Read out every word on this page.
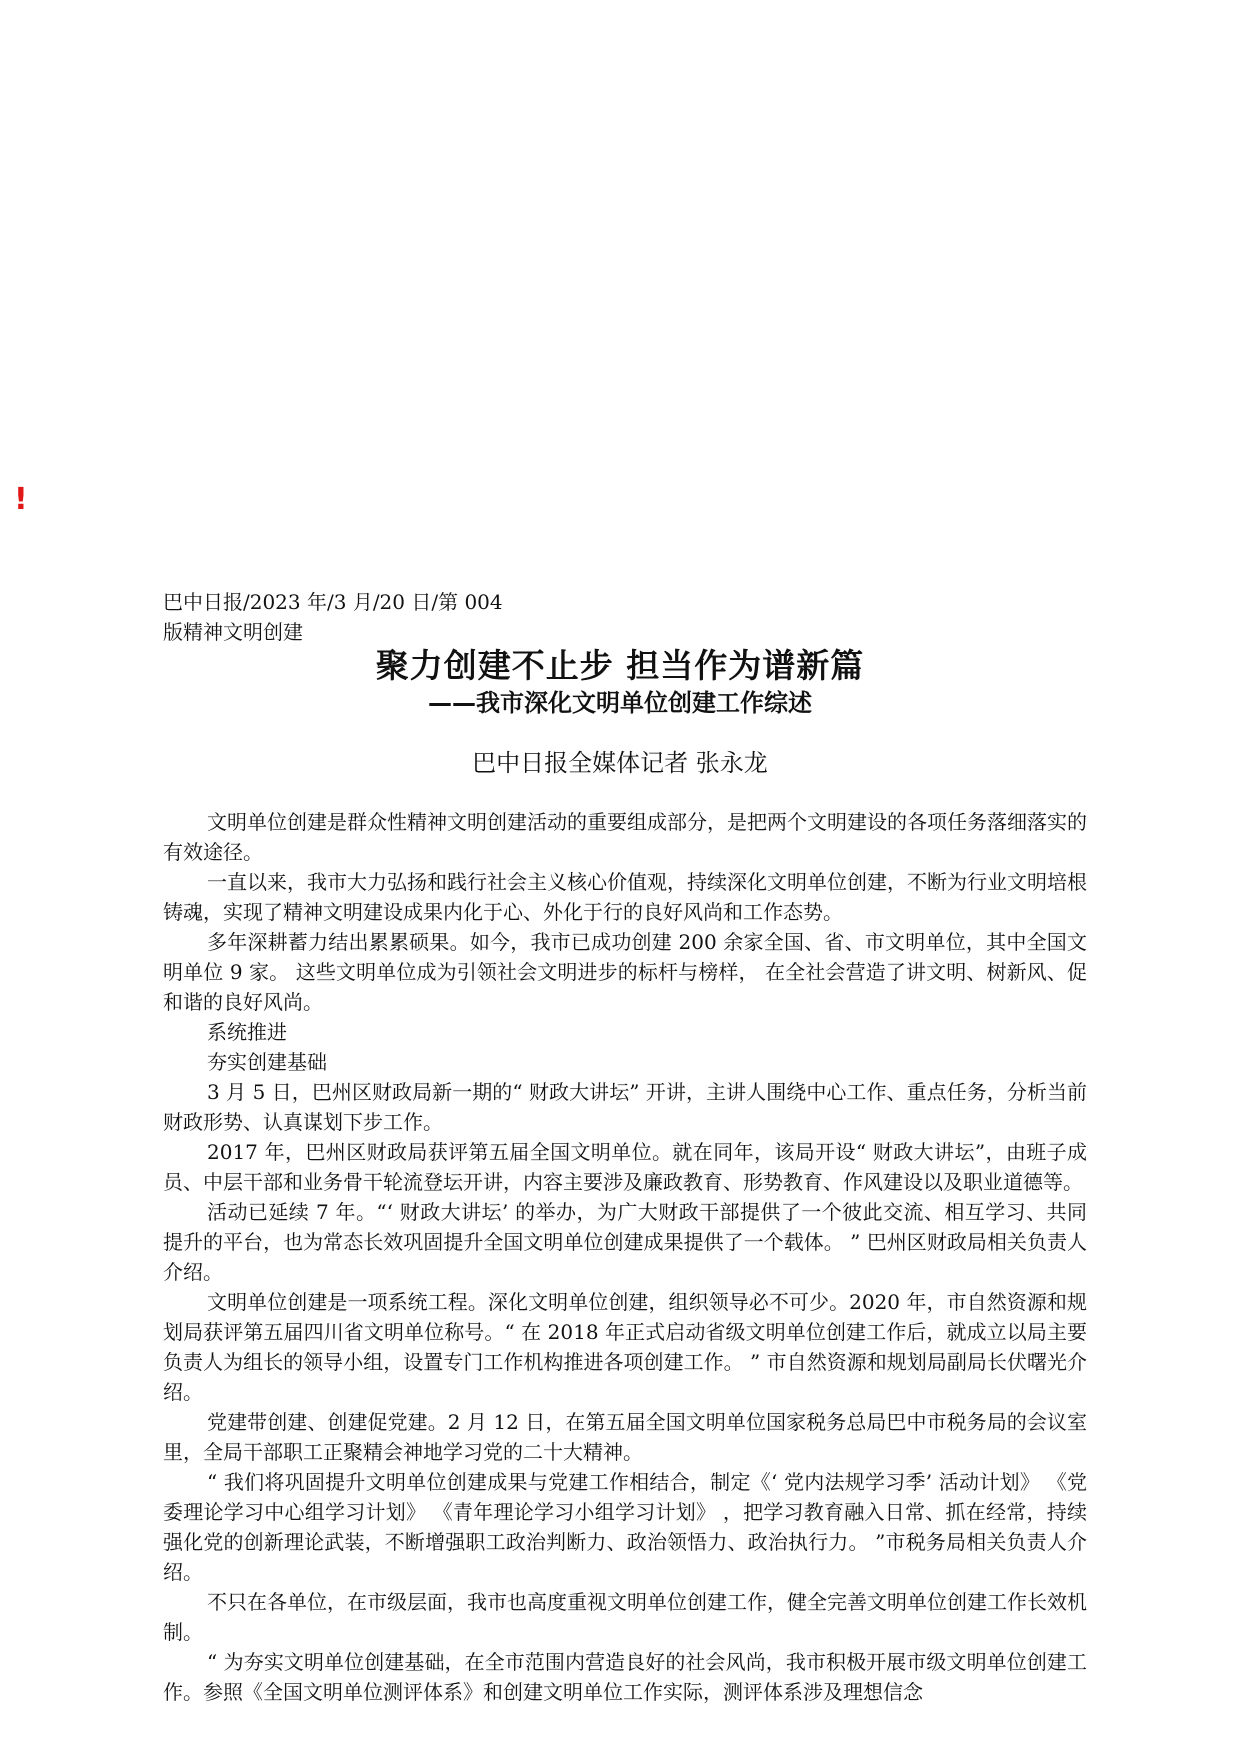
!
巴中日报/2023 年/3 月/20 日/第 004
版精神文明创建
聚力创建不止步 担当作为谱新篇
——我市深化文明单位创建工作综述
巴中日报全媒体记者 张永龙

文明单位创建是群众性精神文明创建活动的重要组成部分，是把两个文明建设的各项任务落细落实的有效途径。

一直以来，我市大力弘扬和践行社会主义核心价值观，持续深化文明单位创建，不断为行业文明培根铸魂，实现了精神文明建设成果内化于心、外化于行的良好风尚和工作态势。

多年深耕蓄力结出累累硕果。如今，我市已成功创建 200 余家全国、省、市文明单位，其中全国文明单位 9 家。 这些文明单位成为引领社会文明进步的标杆与榜样， 在全社会营造了讲文明、树新风、促和谐的良好风尚。

系统推进

夯实创建基础

3 月 5 日，巴州区财政局新一期的“ 财政大讲坛” 开讲，主讲人围绕中心工作、重点任务，分析当前财政形势、认真谋划下步工作。

2017 年，巴州区财政局获评第五届全国文明单位。就在同年，该局开设“ 财政大讲坛”，由班子成员、中层干部和业务骨干轮流登坛开讲，内容主要涉及廉政教育、形势教育、作风建设以及职业道德等。

活动已延续 7 年。“‘ 财政大讲坛’ 的举办，为广大财政干部提供了一个彼此交流、相互学习、共同提升的平台，也为常态长效巩固提升全国文明单位创建成果提供了一个载体。 ” 巴州区财政局相关负责人介绍。

文明单位创建是一项系统工程。深化文明单位创建，组织领导必不可少。2020 年，市自然资源和规划局获评第五届四川省文明单位称号。“ 在 2018 年正式启动省级文明单位创建工作后，就成立以局主要负责人为组长的领导小组，设置专门工作机构推进各项创建工作。 ” 市自然资源和规划局副局长伏曙光介绍。

党建带创建、创建促党建。2 月 12 日，在第五届全国文明单位国家税务总局巴中市税务局的会议室里，全局干部职工正聚精会神地学习党的二十大精神。

“ 我们将巩固提升文明单位创建成果与党建工作相结合，制定《‘ 党内法规学习季’ 活动计划》 《党委理论学习中心组学习计划》 《青年理论学习小组学习计划》 ，把学习教育融入日常、抓在经常，持续强化党的创新理论武装，不断增强职工政治判断力、政治领悟力、政治执行力。 ”市税务局相关负责人介绍。

不只在各单位，在市级层面，我市也高度重视文明单位创建工作，健全完善文明单位创建工作长效机制。

“ 为夯实文明单位创建基础，在全市范围内营造良好的社会风尚，我市积极开展市级文明单位创建工作。参照《全国文明单位测评体系》和创建文明单位工作实际，测评体系涉及理想信念
